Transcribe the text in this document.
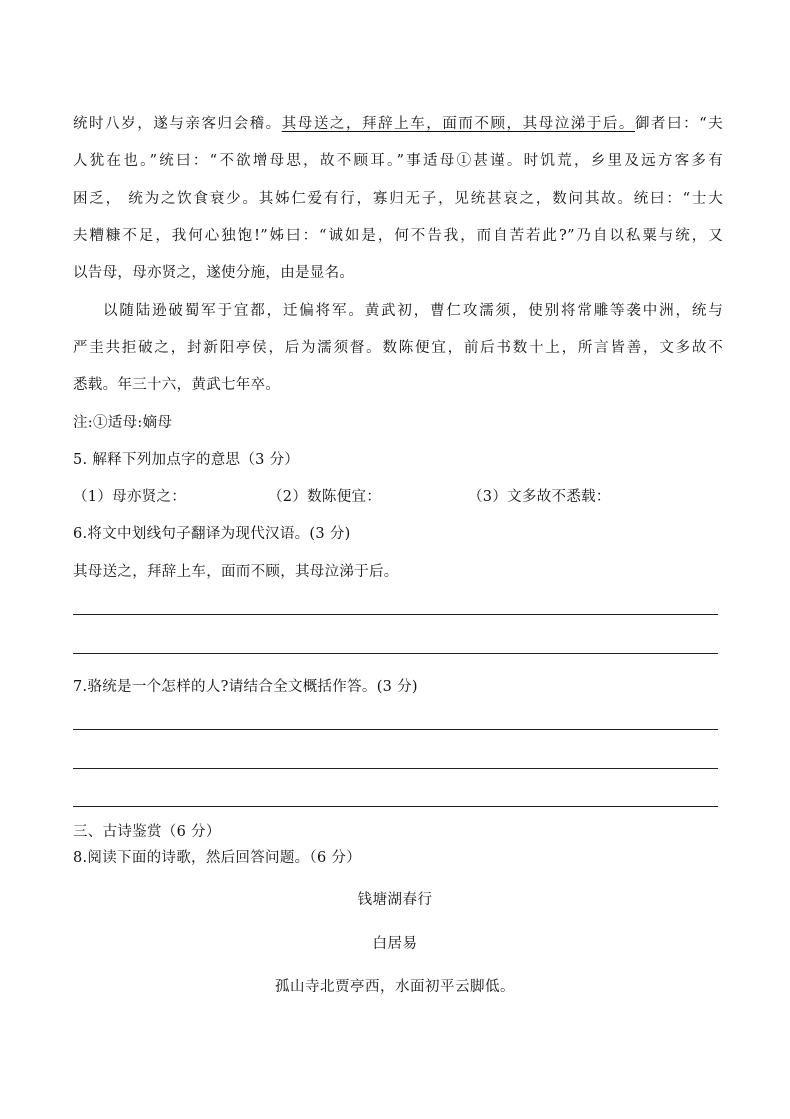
统时八岁，遂与亲客归会稽。其母送之，拜辞上车，面而不顾，其母泣涕于后。御者曰：“夫
人犹在也。”统曰：“不欲增母思，故不顾耳。”事适母①甚谨。时饥荒，乡里及远方客多有
困乏， 统为之饮食衰少。其姊仁爱有行，寡归无子，见统甚哀之，数问其故。统曰：“士大
夫糟糠不足，我何心独饱!”姊曰：“诚如是，何不告我，而自苦若此?”乃自以私粟与统，又
以告母，母亦贤之，遂使分施，由是显名。
以随陆逊破蜀军于宜都，迁偏将军。黄武初，曹仁攻濡须，使别将常雕等袭中洲，统与
严圭共拒破之，封新阳亭侯，后为濡须督。数陈便宜，前后书数十上，所言皆善，文多故不
悉载。年三十六，黄武七年卒。
注:①适母:嫡母
5. 解释下列加点字的意思（3 分）
（1）母亦贤之：	（2）数陈便宜：	（3）文多故不悉载：
6.将文中划线句子翻译为现代汉语。(3 分)
其母送之，拜辞上车，面而不顾，其母泣涕于后。
7.骆统是一个怎样的人?请结合全文概括作答。(3 分)
三、古诗鉴赏（6 分）
8.阅读下面的诗歌，然后回答问题。（6 分）
钱塘湖春行
白居易
孤山寺北贾亭西，水面初平云脚低。
